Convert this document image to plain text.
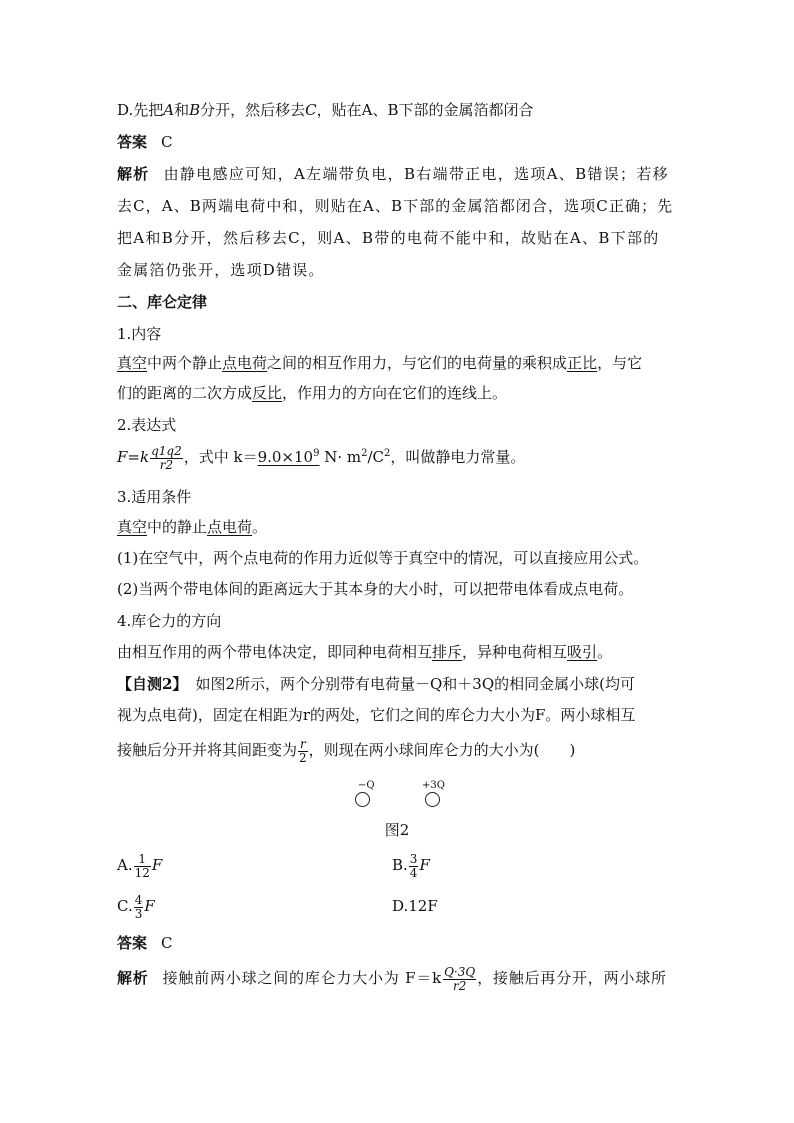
D.先把A和B分开，然后移去C，贴在A、B下部的金属箔都闭合
答案 C
解析 由静电感应可知，A左端带负电，B右端带正电，选项A、B错误；若移
去C，A、B两端电荷中和，则贴在A、B下部的金属箔都闭合，选项C正确；先
把A和B分开，然后移去C，则A、B带的电荷不能中和，故贴在A、B下部的
金属箔仍张开，选项D错误。
二、库仑定律
1.内容
真空中两个静止点电荷之间的相互作用力，与它们的电荷量的乘积成正比，与它
们的距离的二次方成反比，作用力的方向在它们的连线上。
2.表达式
$F=k \frac{q1q2}{r2}$ ，式中 $k=9.0\times 10^9$ $N\cdot m^2/C^2$，叫做静电力常量。
3.适用条件
真空中的静止点电荷。
(1)在空气中，两个点电荷的作用力近似等于真空中的情况，可以直接应用公式。
(2)当两个带电体间的距离远大于其本身的大小时，可以把带电体看成点电荷。
4.库仑力的方向
由相互作用的两个带电体决定，即同种电荷相互排斥，异种电荷相互吸引。
【自测2】 如图2所示，两个分别带有电荷量－Q和＋3Q的相同金属小球(均可
视为点电荷)，固定在相距为r的两处，它们之间的库仑力大小为F。两小球相互
接触后分开并将其间距变为 $\frac{r}{2}$ ，则现在两小球间库仑力的大小为(　　)
−Q	+3Q
图2
A. $\frac{1}{12}$ F	B. $\frac{3}{4}$ F
C. $\frac{4}{3}$ F	D.12F
答案 C
解析 接触前两小球之间的库仑力大小为 $F=k \frac{Q\cdot 3Q}{r2}$ ，接触后再分开，两小球所
